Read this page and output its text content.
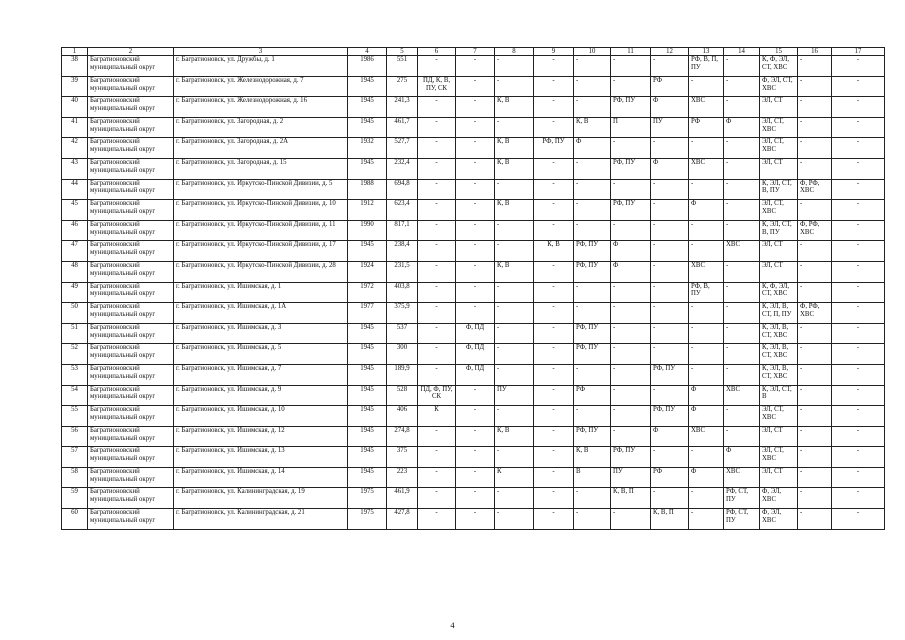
1	2	3	4	5	6	7	8	9	10	11	12	13	14	15	16	17
38	Багратионовский муниципальный округ	г. Багратионовск, ул. Дружбы, д. 1	1986	551	-	-	-	-	-	-	-	РФ, В, П, ПУ	-	К, Ф, ЭЛ, СТ, ХВС	-	-
39	Багратионовский муниципальный округ	г. Багратионовск, ул. Железнодорожная, д. 7	1945	275	ПД, К, В, ПУ, СК	-	-	-	-	-	РФ	-	-	Ф, ЭЛ, СТ, ХВС	-	-
40	Багратионовский муниципальный округ	г. Багратионовск, ул. Железнодорожная, д. 16	1945	241,3	-	-	К, В	-	-	РФ, ПУ	Ф	ХВС	-	ЭЛ, СТ	-	-
41	Багратионовский муниципальный округ	г. Багратионовск, ул. Загородная, д. 2	1945	461,7	-	-	-	-	К, В	П	ПУ	РФ	Ф	ЭЛ, СТ, ХВС	-	-
42	Багратионовский муниципальный округ	г. Багратионовск, ул. Загородная, д. 2А	1932	527,7	-	-	К, В	РФ, ПУ	Ф	-	-	-	-	ЭЛ, СТ, ХВС	-	-
43	Багратионовский муниципальный округ	г. Багратионовск, ул. Загородная, д. 15	1945	232,4	-	-	К, В	-	-	РФ, ПУ	Ф	ХВС	-	ЭЛ, СТ	-	-
44	Багратионовский муниципальный округ	г. Багратионовск, ул. Иркутско-Пинской Дивизии, д. 5	1988	694,8	-	-	-	-	-	-	-	-	-	К, ЭЛ, СТ, В, ПУ	Ф, РФ, ХВС	-
45	Багратионовский муниципальный округ	г. Багратионовск, ул. Иркутско-Пинской Дивизии, д. 10	1912	623,4	-	-	К, В	-	-	РФ, ПУ	-	Ф	-	ЭЛ, СТ, ХВС	-	-
46	Багратионовский муниципальный округ	г. Багратионовск, ул. Иркутско-Пинской Дивизии, д. 11	1990	817,1	-	-	-	-	-	-	-	-	-	К, ЭЛ, СТ, В, ПУ	Ф, РФ, ХВС	-
47	Багратионовский муниципальный округ	г. Багратионовск, ул. Иркутско-Пинской Дивизии, д. 17	1945	238,4	-	-	-	К, В	РФ, ПУ	Ф	-	-	ХВС	ЭЛ, СТ	-	-
48	Багратионовский муниципальный округ	г. Багратионовск, ул. Иркутско-Пинской Дивизии, д. 28	1924	231,5	-	-	К, В	-	РФ, ПУ	Ф	-	ХВС	-	ЭЛ, СТ	-	-
49	Багратионовский муниципальный округ	г. Багратионовск, ул. Ишимская, д. 1	1972	403,8	-	-	-	-	-	-	-	РФ, В, ПУ	-	К, Ф, ЭЛ, СТ, ХВС	-	-
50	Багратионовский муниципальный округ	г. Багратионовск, ул. Ишимская, д. 1А	1977	375,9	-	-	-	-	-	-	-	-	-	К, ЭЛ, В, СТ, П, ПУ	Ф, РФ, ХВС	-
51	Багратионовский муниципальный округ	г. Багратионовск, ул. Ишимская, д. 3	1945	537	-	Ф, ПД	-	-	РФ, ПУ	-	-	-	-	К, ЭЛ, В, СТ, ХВС	-	-
52	Багратионовский муниципальный округ	г. Багратионовск, ул. Ишимская, д. 5	1945	300	-	Ф, ПД	-	-	РФ, ПУ	-	-	-	-	К, ЭЛ, В, СТ, ХВС	-	-
53	Багратионовский муниципальный округ	г. Багратионовск, ул. Ишимская, д. 7	1945	189,9	-	Ф, ПД	-	-	-	-	РФ, ПУ	-	-	К, ЭЛ, В, СТ, ХВС	-	-
54	Багратионовский муниципальный округ	г. Багратионовск, ул. Ишимская, д. 9	1945	528	ПД, Ф, ПУ, СК	-	ПУ	-	РФ	-	-	Ф	ХВС	К, ЭЛ, СТ, В	-	-
55	Багратионовский муниципальный округ	г. Багратионовск, ул. Ишимская, д. 10	1945	406	К	-	-	-	-	-	РФ, ПУ	Ф	-	ЭЛ, СТ, ХВС	-	-
56	Багратионовский муниципальный округ	г. Багратионовск, ул. Ишимская, д. 12	1945	274,8	-	-	К, В	-	РФ, ПУ	-	Ф	ХВС	-	ЭЛ, СТ	-	-
57	Багратионовский муниципальный округ	г. Багратионовск, ул. Ишимская, д. 13	1945	375	-	-	-	-	К, В	РФ, ПУ	-	-	Ф	ЭЛ, СТ, ХВС	-	-
58	Багратионовский муниципальный округ	г. Багратионовск, ул. Ишимская, д. 14	1945	223	-	-	К	-	В	ПУ	РФ	Ф	ХВС	ЭЛ, СТ	-	-
59	Багратионовский муниципальный округ	г. Багратионовск, ул. Калининградская, д. 19	1975	461,9	-	-	-	-	-	К, В, П	-	-	РФ, СТ, ПУ	Ф, ЭЛ, ХВС	-	-
60	Багратионовский муниципальный округ	г. Багратионовск, ул. Калининградская, д. 21	1975	427,8	-	-	-	-	-	-	К, В, П	-	РФ, СТ, ПУ	Ф, ЭЛ, ХВС	-	-
4
